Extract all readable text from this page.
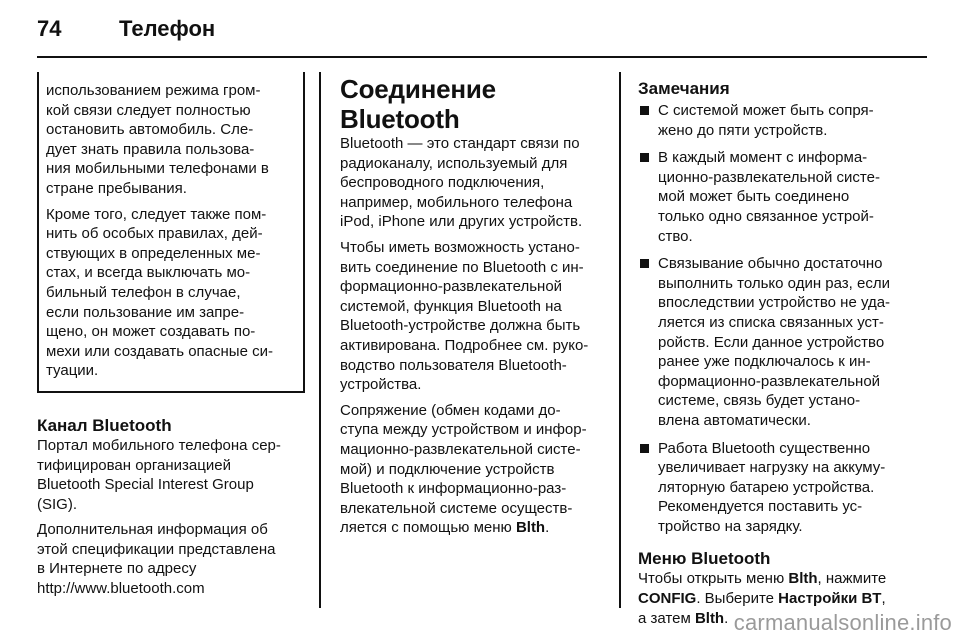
74	Телефон

использованием режима гром-
кой связи следует полностью
остановить автомобиль. Сле-
дует знать правила пользова-
ния мобильными телефонами в
стране пребывания.

Кроме того, следует также пом-
нить об особых правилах, дей-
ствующих в определенных ме-
стах, и всегда выключать мо-
бильный телефон в случае,
если пользование им запре-
щено, он может создавать по-
мехи или создавать опасные си-
туации.

Канал Bluetooth

Портал мобильного телефона сер-
тифицирован организацией
Bluetooth Special Interest Group
(SIG).

Дополнительная информация об
этой спецификации представлена
в Интернете по адресу
http://www.bluetooth.com

Соединение Bluetooth

Bluetooth — это стандарт связи по
радиоканалу, используемый для
беспроводного подключения,
например, мобильного телефона
iPod, iPhone или других устройств.

Чтобы иметь возможность устано-
вить соединение по Bluetooth с ин-
формационно-развлекательной
системой, функция Bluetooth на
Bluetooth-устройстве должна быть
активирована. Подробнее см. руко-
водство пользователя Bluetooth-
устройства.

Сопряжение (обмен кодами до-
ступа между устройством и инфор-
мационно-развлекательной систе-
мой) и подключение устройств
Bluetooth к информационно-раз-
влекательной системе осуществ-
ляется с помощью меню Blth.

Замечания
С системой может быть сопря-
жено до пяти устройств.
В каждый момент с информа-
ционно-развлекательной систе-
мой может быть соединено
только одно связанное устрой-
ство.
Связывание обычно достаточно
выполнить только один раз, если
впоследствии устройство не уда-
ляется из списка связанных уст-
ройств. Если данное устройство
ранее уже подключалось к ин-
формационно-развлекательной
системе, связь будет устано-
влена автоматически.
Работа Bluetooth существенно
увеличивает нагрузку на аккуму-
ляторную батарею устройства.
Рекомендуется поставить ус-
тройство на зарядку.
Меню Bluetooth

Чтобы открыть меню Blth, нажмите
CONFIG. Выберите Настройки BT,
а затем Blth. carmanualsonline.info
